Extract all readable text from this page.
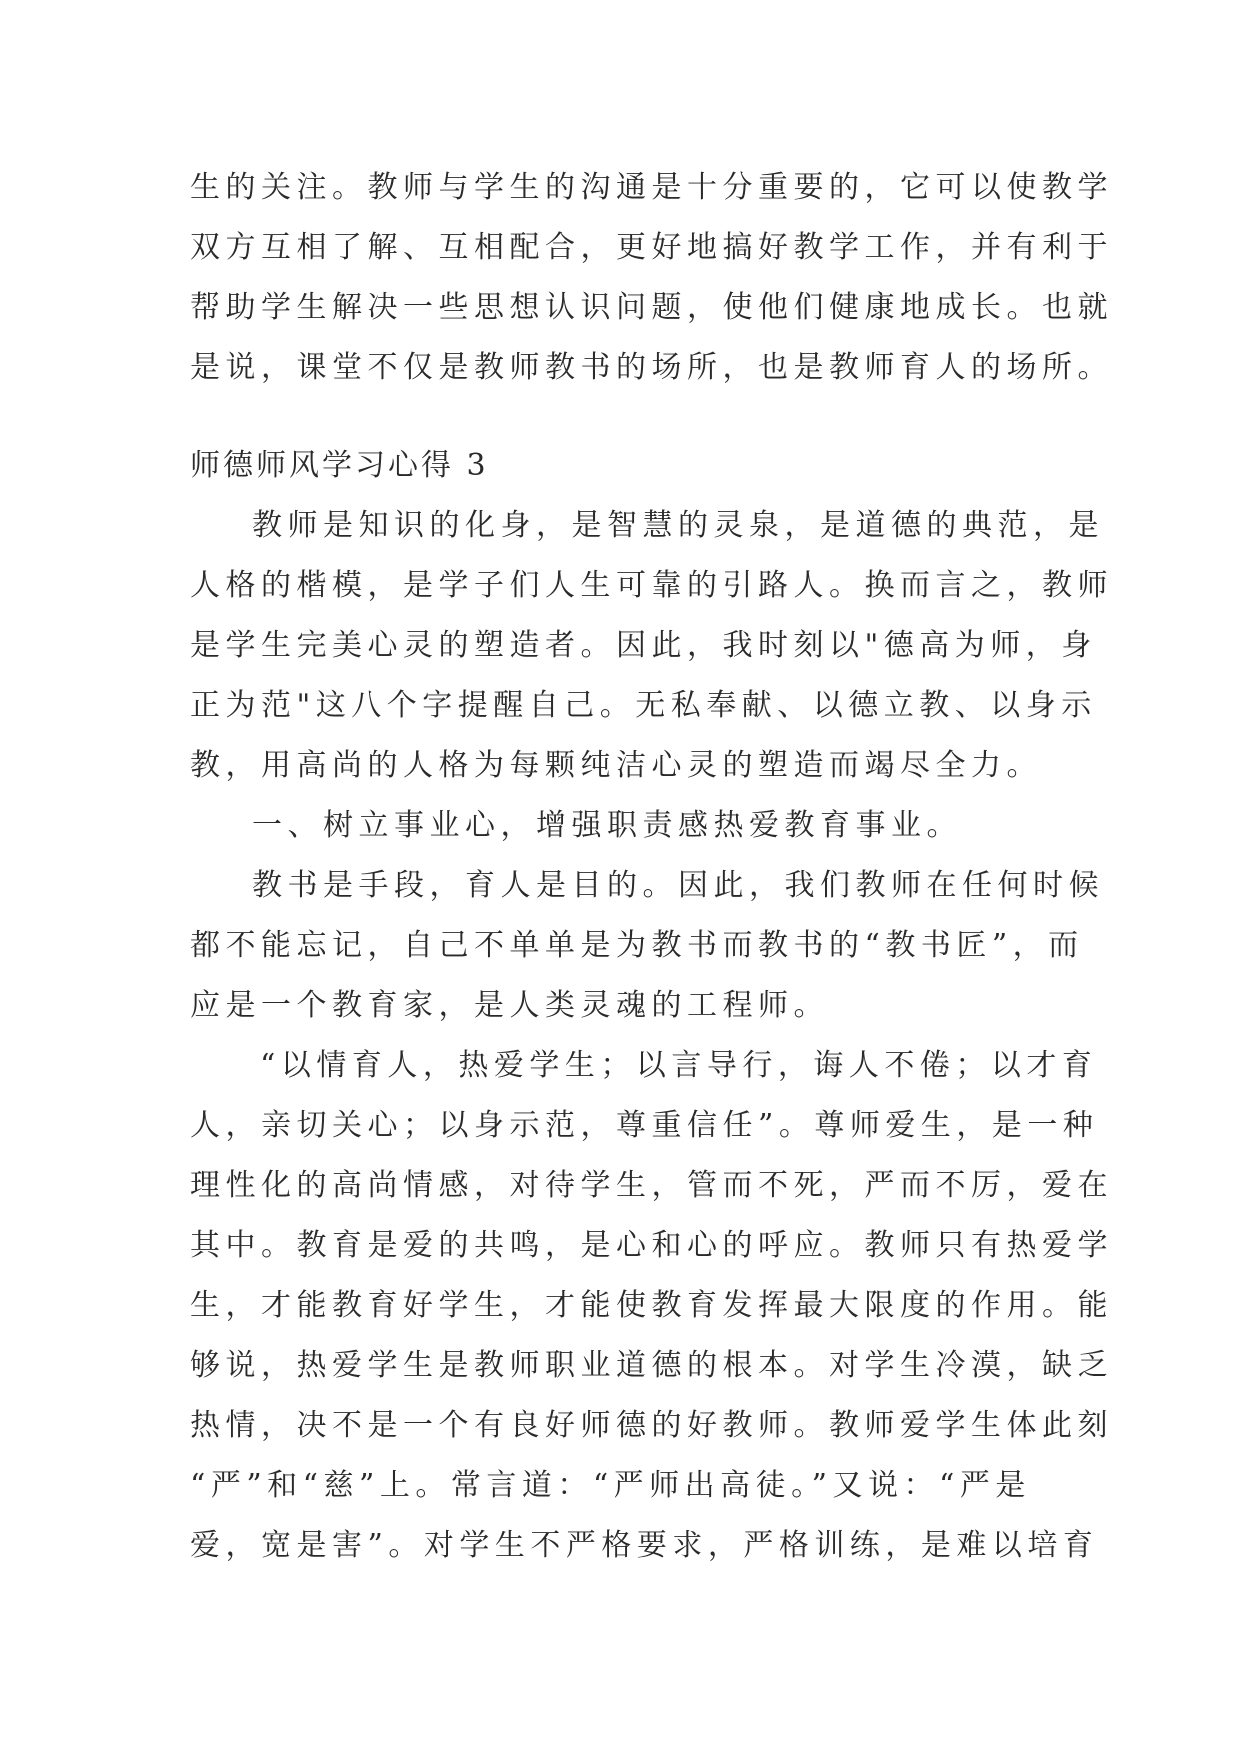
生的关注。教师与学生的沟通是十分重要的，它可以使教学
双方互相了解、互相配合，更好地搞好教学工作，并有利于
帮助学生解决一些思想认识问题，使他们健康地成长。也就
是说，课堂不仅是教师教书的场所，也是教师育人的场所。
师德师风学习心得 3
教师是知识的化身，是智慧的灵泉，是道德的典范，是
人格的楷模，是学子们人生可靠的引路人。换而言之，教师
是学生完美心灵的塑造者。因此，我时刻以"德高为师，身
正为范"这八个字提醒自己。无私奉献、以德立教、以身示
教，用高尚的人格为每颗纯洁心灵的塑造而竭尽全力。
一、树立事业心，增强职责感热爱教育事业。
教书是手段，育人是目的。因此，我们教师在任何时候
都不能忘记，自己不单单是为教书而教书的“教书匠”，而
应是一个教育家，是人类灵魂的工程师。
“以情育人，热爱学生；以言导行，诲人不倦；以才育
人，亲切关心；以身示范，尊重信任”。尊师爱生，是一种
理性化的高尚情感，对待学生，管而不死，严而不厉，爱在
其中。教育是爱的共鸣，是心和心的呼应。教师只有热爱学
生，才能教育好学生，才能使教育发挥最大限度的作用。能
够说，热爱学生是教师职业道德的根本。对学生冷漠，缺乏
热情，决不是一个有良好师德的好教师。教师爱学生体此刻
“严”和“慈”上。常言道：“严师出高徒。”又说：“严是
爱，宽是害”。对学生不严格要求，严格训练，是难以培育
